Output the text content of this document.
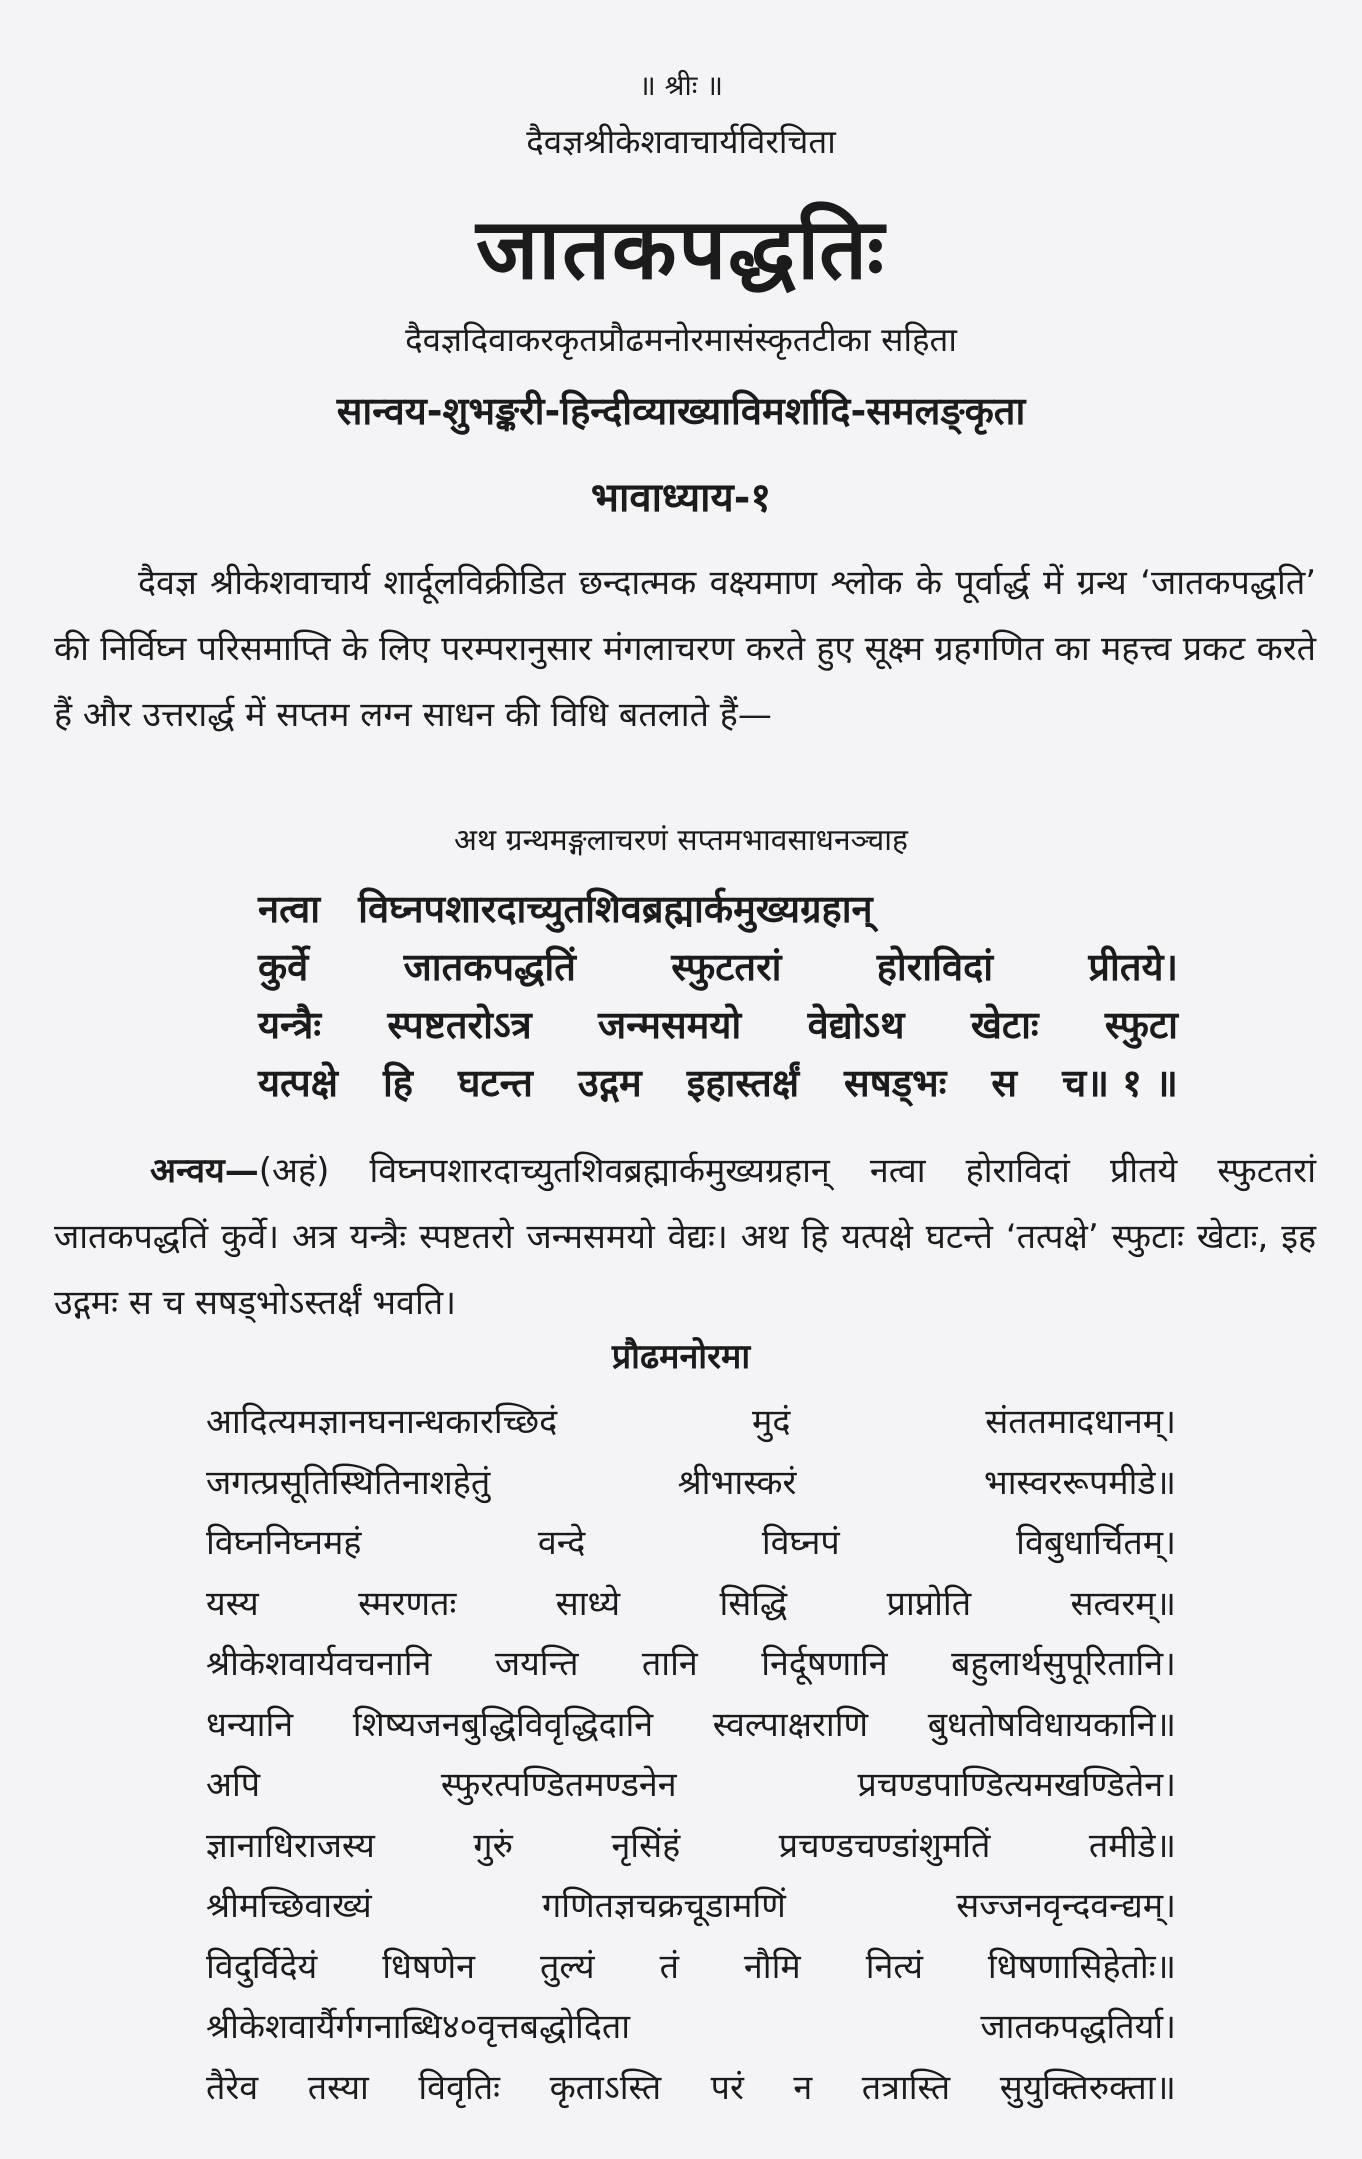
॥ श्रीः ॥
दैवज्ञश्रीकेशवाचार्यविरचिता
जातकपद्धतिः
दैवज्ञदिवाकरकृतप्रौढमनोरमासंस्कृतटीका सहिता
सान्वय-शुभङ्करी-हिन्दीव्याख्याविमर्शादि-समलङ्कृता
भावाध्याय-१
दैवज्ञ श्रीकेशवाचार्य शार्दूलविक्रीडित छन्दात्मक वक्ष्यमाण श्लोक के पूर्वार्द्ध में ग्रन्थ ‘जातकपद्धति’ की निर्विघ्न परिसमाप्ति के लिए परम्परानुसार मंगलाचरण करते हुए सूक्ष्म ग्रहगणित का महत्त्व प्रकट करते हैं और उत्तरार्द्ध में सप्तम लग्न साधन की विधि बतलाते हैं—
अथ ग्रन्थमङ्गलाचरणं सप्तमभावसाधनञ्चाह
नत्वा विघ्नपशारदाच्युतशिवब्रह्मार्कमुख्यग्रहान्
कुर्वे	जातकपद्धतिं	स्फुटतरां	होराविदां	प्रीतये।
यन्त्रैः स्पष्टतरोऽत्र जन्मसमयो वेद्योऽथ खेटाः स्फुटा
यत्पक्षे हि घटन्त उद्गम इहास्तर्क्षं सषड्भः स च॥ १ ॥
अन्वय—(अहं) विघ्नपशारदाच्युतशिवब्रह्मार्कमुख्यग्रहान् नत्वा होराविदां प्रीतये स्फुटतरां जातकपद्धतिं कुर्वे। अत्र यन्त्रैः स्पष्टतरो जन्मसमयो वेद्यः। अथ हि यत्पक्षे घटन्ते ‘तत्पक्षे’ स्फुटाः खेटाः, इह उद्गमः स च सषड्भोऽस्तर्क्षं भवति।
प्रौढमनोरमा
आदित्यमज्ञानघनान्धकारच्छिदं	मुदं	संततमादधानम्।
जगत्प्रसूतिस्थितिनाशहेतुं	श्रीभास्करं	भास्वररूपमीडे॥
विघ्ननिघ्नमहं	वन्दे	विघ्नपं	विबुधार्चितम्।
यस्य	स्मरणतः	साध्ये	सिद्धिं	प्राप्नोति	सत्वरम्॥
श्रीकेशवार्यवचनानि जयन्ति तानि निर्दूषणानि बहुलार्थसुपूरितानि।
धन्यानि शिष्यजनबुद्धिविवृद्धिदानि स्वल्पाक्षराणि बुधतोषविधायकानि॥
अपि	स्फुरत्पण्डितमण्डनेन	प्रचण्डपाण्डित्यमखण्डितेन।
ज्ञानाधिराजस्य	गुरुं	नृसिंहं	प्रचण्डचण्डांशुमतिं	तमीडे॥
श्रीमच्छिवाख्यं	गणितज्ञचक्रचूडामणिं	सज्जनवृन्दवन्द्यम्।
विदुर्विदेयं धिषणेन तुल्यं तं नौमि नित्यं धिषणासिहेतोः॥
श्रीकेशवार्यैर्गगनाब्धि४०वृत्तबद्धोदिता	जातकपद्धतिर्या।
तैरेव तस्या विवृतिः कृताऽस्ति परं न तत्रास्ति सुयुक्तिरुक्ता॥
